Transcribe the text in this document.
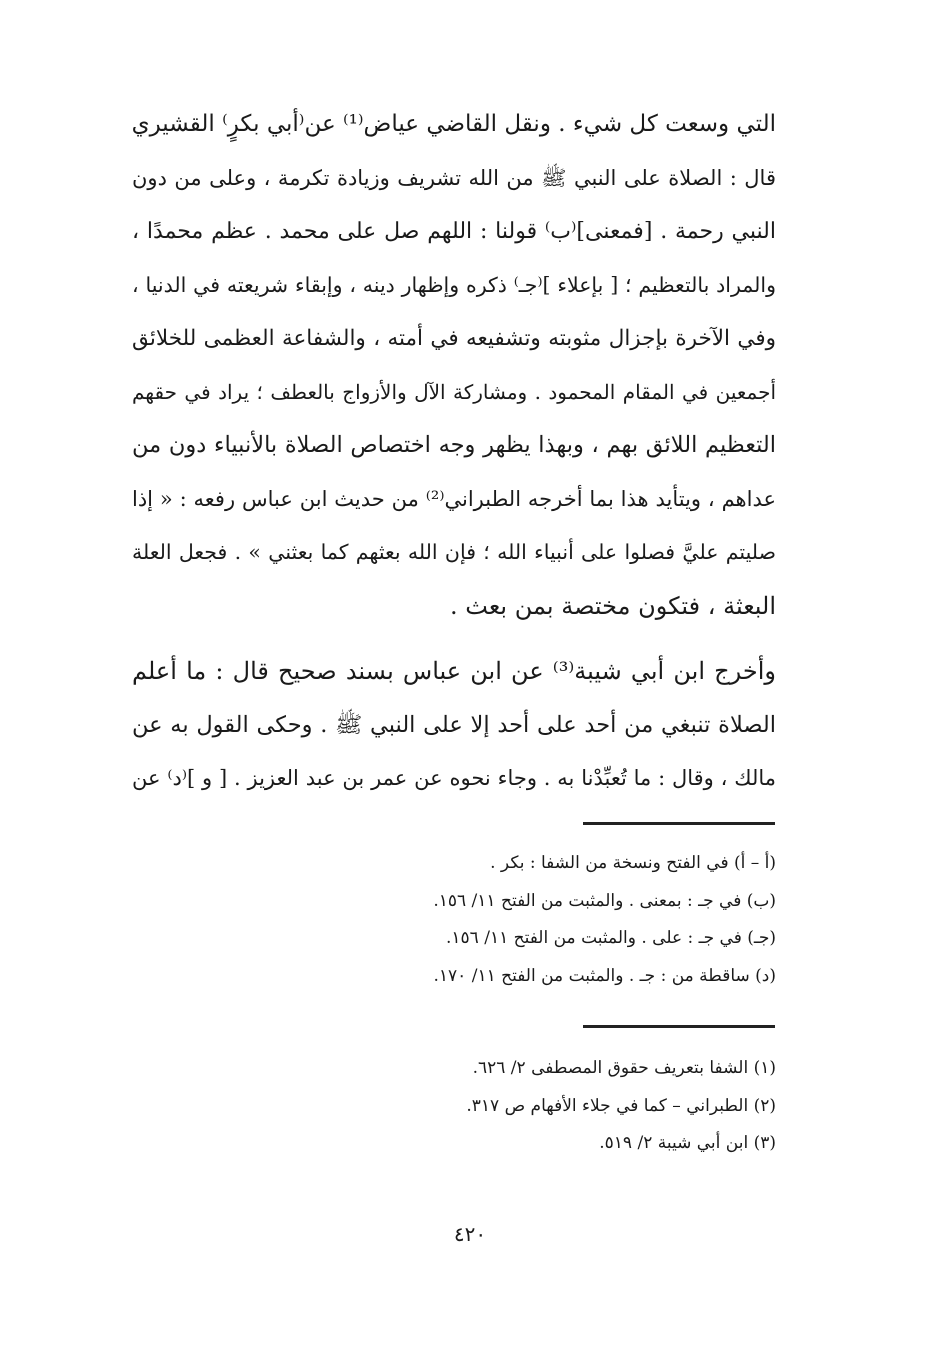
التي وسعت كل شيء . ونقل القاضي عياض⁽¹⁾ عن⁽أبي بكرٍ⁾ القشيري
قال : الصلاة على النبي ﷺ من الله تشريف وزيادة تكرمة ، وعلى من دون
النبي رحمة . [فمعنى]⁽ب⁾ قولنا : اللهم صل على محمد . عظم محمدًا ،
والمراد بالتعظيم ؛ [ بإعلاء ]⁽جـ⁾ ذكره وإظهار دينه ، وإبقاء شريعته في الدنيا ،
وفي الآخرة بإجزال مثوبته وتشفيعه في أمته ، والشفاعة العظمى للخلائق
أجمعين في المقام المحمود . ومشاركة الآل والأزواج بالعطف ؛ يراد في حقهم
التعظيم اللائق بهم ، وبهذا يظهر وجه اختصاص الصلاة بالأنبياء دون من
عداهم ، ويتأيد هذا بما أخرجه الطبراني⁽²⁾ من حديث ابن عباس رفعه : « إذا
صليتم عليَّ فصلوا على أنبياء الله ؛ فإن الله بعثهم كما بعثني » . فجعل العلة
البعثة ، فتكون مختصة بمن بعث .
وأخرج ابن أبي شيبة⁽³⁾ عن ابن عباس بسند صحيح قال : ما أعلم
الصلاة تنبغي من أحد على أحد إلا على النبي ﷺ . وحكى القول به عن
مالك ، وقال : ما تُعبِّدْنا به . وجاء نحوه عن عمر بن عبد العزيز . [ و ]⁽د⁾ عن
(أ – أ) في الفتح ونسخة من الشفا : بكر .
(ب) في جـ : بمعنى . والمثبت من الفتح ١١/ ١٥٦.
(جـ) في جـ : على . والمثبت من الفتح ١١/ ١٥٦.
(د) ساقطة من : جـ . والمثبت من الفتح ١١/ ١٧٠.
(١) الشفا بتعريف حقوق المصطفى ٢/ ٦٢٦.
(٢) الطبراني – كما في جلاء الأفهام ص ٣١٧.
(٣) ابن أبي شيبة ٢/ ٥١٩.
٤٢٠
